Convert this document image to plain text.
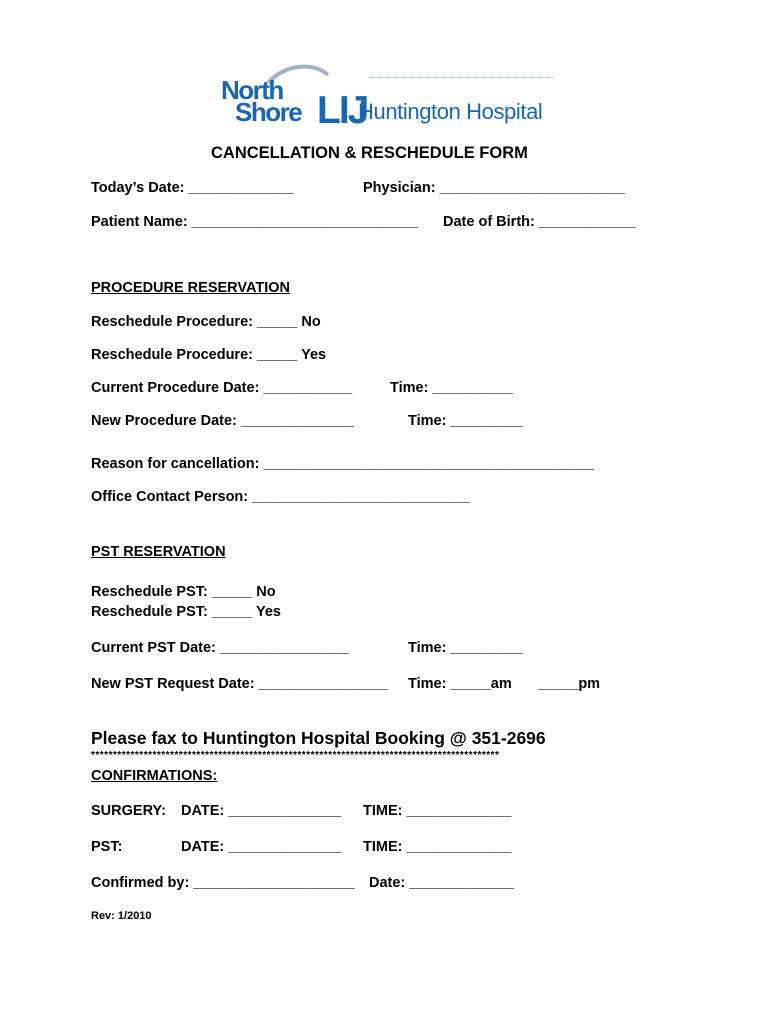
North
Shore LIJ
Huntington Hospital
CANCELLATION & RESCHEDULE FORM
Today’s Date: _____________	Physician: _______________________
Patient Name: ____________________________ Date of Birth: ____________
PROCEDURE RESERVATION
Reschedule Procedure: _____ No
Reschedule Procedure: _____ Yes
Current Procedure Date: ___________	Time: __________
New Procedure Date: ______________	Time: _________
Reason for cancellation: _________________________________________
Office Contact Person: ___________________________
PST RESERVATION
Reschedule PST: _____ No
Reschedule PST: _____ Yes
Current PST Date: ________________	Time: _________
New PST Request Date: ________________ Time: _____am _____pm
Please fax to Huntington Hospital Booking @ 351-2696
*********************************************************************************************
CONFIRMATIONS:
SURGERY: DATE: ______________ TIME: _____________
PST:	DATE: ______________ TIME: _____________
Confirmed by: ____________________ Date: _____________
Rev: 1/2010
